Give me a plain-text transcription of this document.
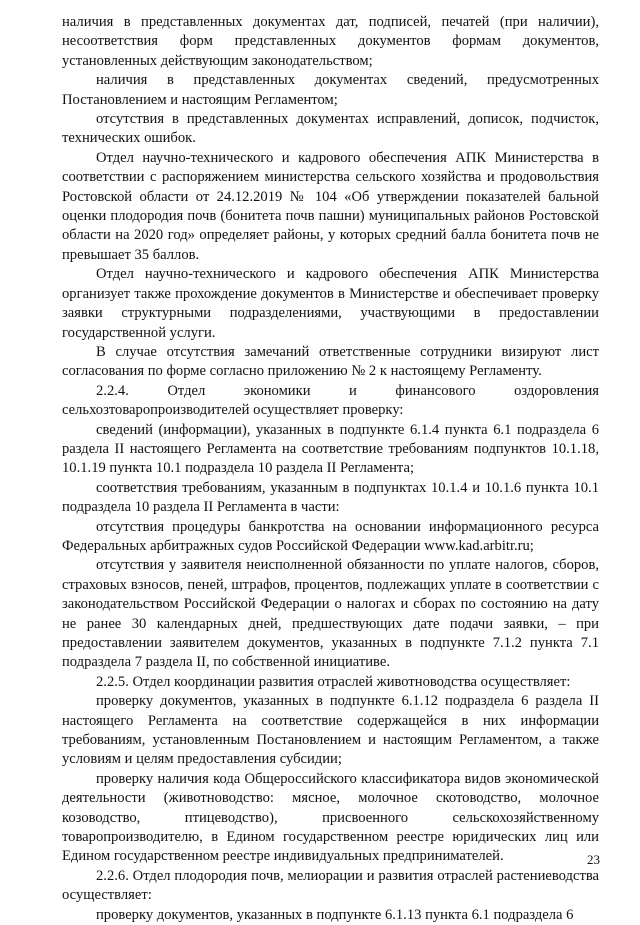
наличия в представленных документах дат, подписей, печатей (при наличии), несоответствия форм представленных документов формам документов, установленных действующим законодательством;

наличия в представленных документах сведений, предусмотренных Постановлением и настоящим Регламентом;

отсутствия в представленных документах исправлений, дописок, подчисток, технических ошибок.

Отдел научно-технического и кадрового обеспечения АПК Министерства в соответствии с распоряжением министерства сельского хозяйства и продовольствия Ростовской области от 24.12.2019 № 104 «Об утверждении показателей бальной оценки плодородия почв (бонитета почв пашни) муниципальных районов Ростовской области на 2020 год» определяет районы, у которых средний балла бонитета почв не превышает 35 баллов.

Отдел научно-технического и кадрового обеспечения АПК Министерства организует также прохождение документов в Министерстве и обеспечивает проверку заявки структурными подразделениями, участвующими в предоставлении государственной услуги.

В случае отсутствия замечаний ответственные сотрудники визируют лист согласования по форме согласно приложению № 2 к настоящему Регламенту.

2.2.4. Отдел экономики и финансового оздоровления сельхозтоваропроизводителей осуществляет проверку:

сведений (информации), указанных в подпункте 6.1.4 пункта 6.1 подраздела 6 раздела II настоящего Регламента на соответствие требованиям подпунктов 10.1.18, 10.1.19 пункта 10.1 подраздела 10 раздела II Регламента;

соответствия требованиям, указанным в подпунктах 10.1.4 и 10.1.6 пункта 10.1 подраздела 10 раздела II Регламента в части:

отсутствия процедуры банкротства на основании информационного ресурса Федеральных арбитражных судов Российской Федерации www.kad.arbitr.ru;

отсутствия у заявителя неисполненной обязанности по уплате налогов, сборов, страховых взносов, пеней, штрафов, процентов, подлежащих уплате в соответствии с законодательством Российской Федерации о налогах и сборах по состоянию на дату не ранее 30 календарных дней, предшествующих дате подачи заявки, – при предоставлении заявителем документов, указанных в подпункте 7.1.2 пункта 7.1 подраздела 7 раздела II, по собственной инициативе.

2.2.5. Отдел координации развития отраслей животноводства осуществляет:

проверку документов, указанных в подпункте 6.1.12 подраздела 6 раздела II настоящего Регламента на соответствие содержащейся в них информации требованиям, установленным Постановлением и настоящим Регламентом, а также условиям и целям предоставления субсидии;

проверку наличия кода Общероссийского классификатора видов экономической деятельности (животноводство: мясное, молочное скотоводство, молочное козоводство, птицеводство), присвоенного сельскохозяйственному товаропроизводителю, в Едином государственном реестре юридических лиц или Едином государственном реестре индивидуальных предпринимателей.

2.2.6. Отдел плодородия почв, мелиорации и развития отраслей растениеводства осуществляет:

проверку документов, указанных в подпункте 6.1.13 пункта 6.1 подраздела 6

23
